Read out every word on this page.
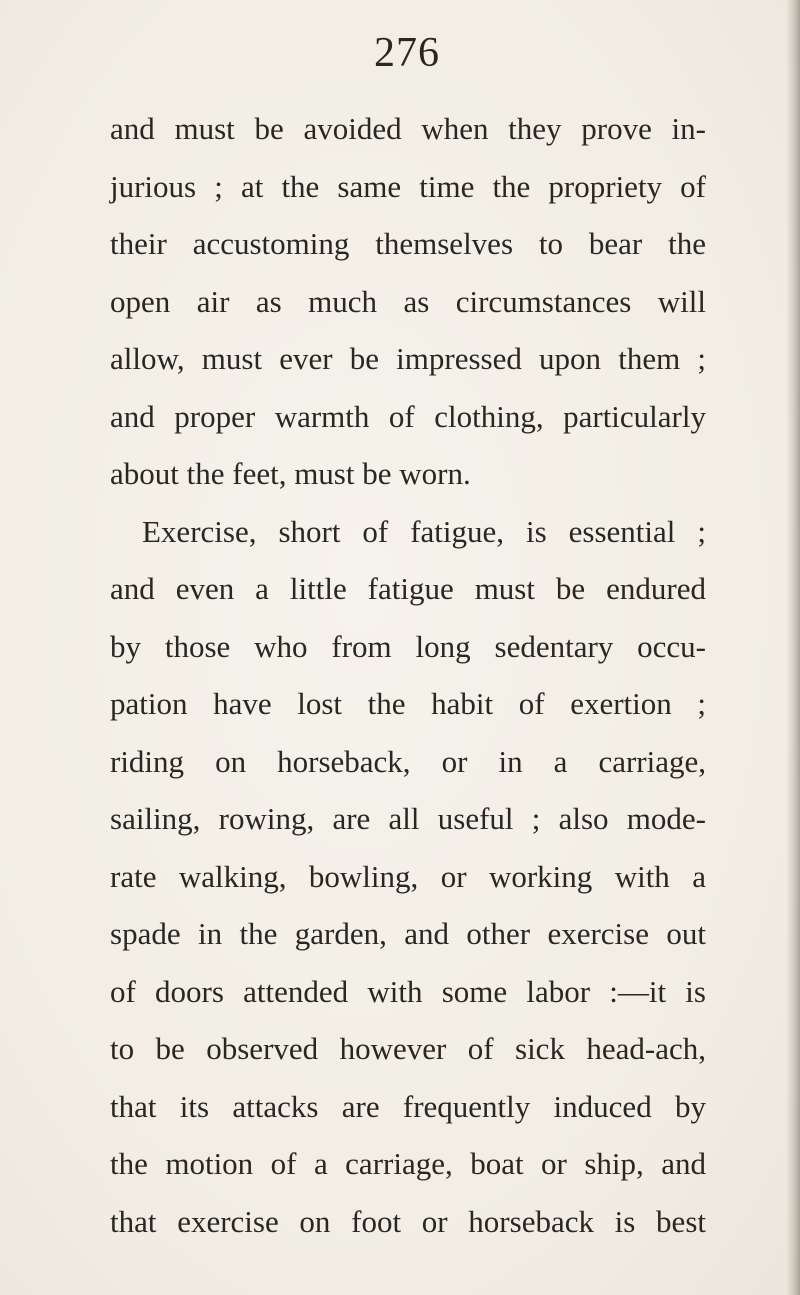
276
and must be avoided when they prove in-
jurious ; at the same time the propriety of
their accustoming themselves to bear the
open air as much as circumstances will
allow, must ever be impressed upon them ;
and proper warmth of clothing, particularly
about the feet, must be worn.
Exercise, short of fatigue, is essential ;
and even a little fatigue must be endured
by those who from long sedentary occu-
pation have lost the habit of exertion ;
riding on horseback, or in a carriage,
sailing, rowing, are all useful ; also mode-
rate walking, bowling, or working with a
spade in the garden, and other exercise out
of doors attended with some labor :—it is
to be observed however of sick head-ach,
that its attacks are frequently induced by
the motion of a carriage, boat or ship, and
that exercise on foot or horseback is best
